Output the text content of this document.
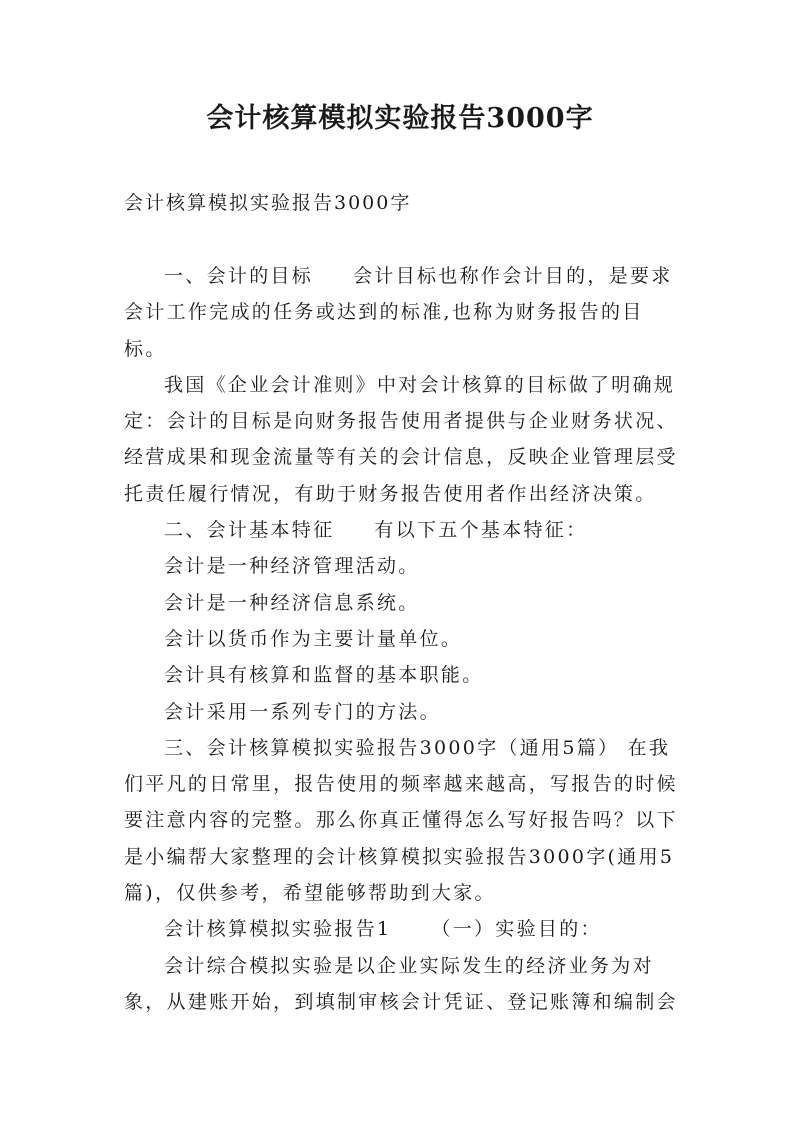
会计核算模拟实验报告3000字

会计核算模拟实验报告3000字

一、会计的目标 会计目标也称作会计目的，是要求会计工作完成的任务或达到的标准,也称为财务报告的目标。

我国《企业会计准则》中对会计核算的目标做了明确规定：会计的目标是向财务报告使用者提供与企业财务状况、经营成果和现金流量等有关的会计信息，反映企业管理层受托责任履行情况，有助于财务报告使用者作出经济决策。

二、会计基本特征 有以下五个基本特征：

会计是一种经济管理活动。

会计是一种经济信息系统。

会计以货币作为主要计量单位。

会计具有核算和监督的基本职能。

会计采用一系列专门的方法。

三、会计核算模拟实验报告3000字（通用5篇） 在我们平凡的日常里，报告使用的频率越来越高，写报告的时候要注意内容的完整。那么你真正懂得怎么写好报告吗？以下是小编帮大家整理的会计核算模拟实验报告3000字(通用5篇)，仅供参考，希望能够帮助到大家。

会计核算模拟实验报告1 （一）实验目的：

会计综合模拟实验是以企业实际发生的经济业务为对象，从建账开始，到填制审核会计凭证、登记账簿和编制会
